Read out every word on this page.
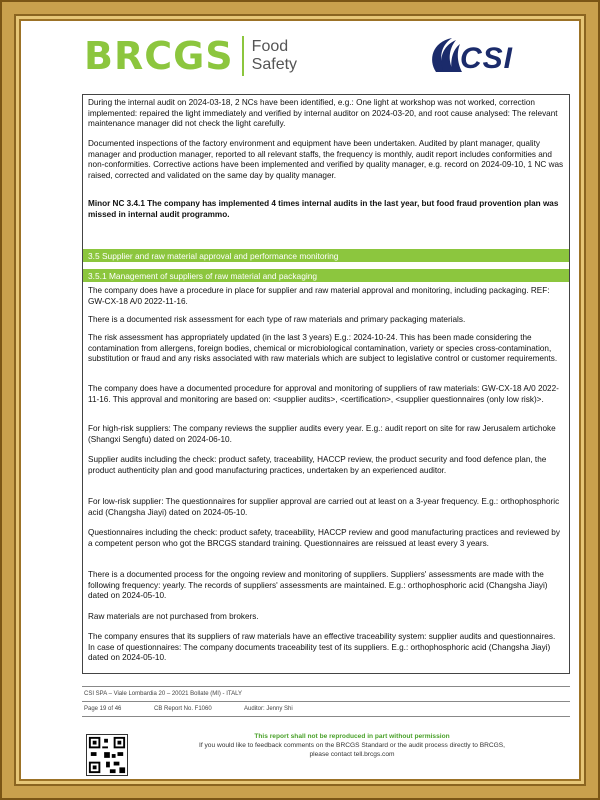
BRCGS Food
Safety	CSI

During the internal audit on 2024-03-18, 2 NCs have been identified, e.g.: One light at workshop was not worked, correction implemented: repaired the light immediately and verified by internal auditor on 2024-03-20, and root cause analysed: The relevant maintenance manager did not check the light carefully.

Documented inspections of the factory environment and equipment have been undertaken. Audited by plant manager, quality manager and production manager, reported to all relevant staffs, the frequency is monthly, audit report includes conformities and non-conformities. Corrective actions have been implemented and verified by quality manager, e.g. record on 2024-09-10, 1 NC was raised, corrected and validated on the same day by quality manager.

Minor NC 3.4.1 The company has implemented 4 times internal audits in the last year, but food fraud provention plan was missed in internal audit programmo.

3.5 Supplier and raw material approval and performance monitoring
3.5.1 Management of suppliers of raw material and packaging

The company does have a procedure in place for supplier and raw material approval and monitoring, including packaging. REF: GW-CX-18 A/0 2022-11-16.

There is a documented risk assessment for each type of raw materials and primary packaging materials.

The risk assessment has appropriately updated (in the last 3 years) E.g.: 2024-10-24. This has been made considering the contamination from allergens, foreign bodies, chemical or microbiological contamination, variety or species cross-contamination, substitution or fraud and any risks associated with raw materials which are subject to legislative control or customer requirements.

The company does have a documented procedure for approval and monitoring of suppliers of raw materials: GW-CX-18 A/0 2022-11-16. This approval and monitoring are based on: <supplier audits>, <certification>, <supplier questionnaires (only low risk)>.

For high-risk suppliers: The company reviews the supplier audits every year. E.g.: audit report on site for raw Jerusalem artichoke (Shangxi Sengfu) dated on 2024-06-10.

Supplier audits including the check: product safety, traceability, HACCP review, the product security and food defence plan, the product authenticity plan and good manufacturing practices, undertaken by an experienced auditor.

For low-risk supplier: The questionnaires for supplier approval are carried out at least on a 3-year frequency. E.g.: orthophosphoric acid (Changsha Jiayi) dated on 2024-05-10.

Questionnaires including the check: product safety, traceability, HACCP review and good manufacturing practices and reviewed by a competent person who got the BRCGS standard training. Questionnaires are reissued at least every 3 years.

There is a documented process for the ongoing review and monitoring of suppliers. Suppliers' assessments are made with the following frequency: yearly. The records of suppliers' assessments are maintained. E.g.: orthophosphoric acid (Changsha Jiayi) dated on 2024-05-10.

Raw materials are not purchased from brokers.

The company ensures that its suppliers of raw materials have an effective traceability system: supplier audits and questionnaires. In case of questionnaires: The company documents traceability test of its suppliers. E.g.: orthophosphoric acid (Changsha Jiayi) dated on 2024-05-10.

CSI SPA – Viale Lombardia 20 – 20021 Bollate (MI) - ITALY
Page 19 of 46	CB Report No. F1060	Auditor: Jenny Shi
This report shall not be reproduced in part without permission
If you would like to feedback comments on the BRCGS Standard or the audit process directly to BRCGS,
please contact tell.brcgs.com
